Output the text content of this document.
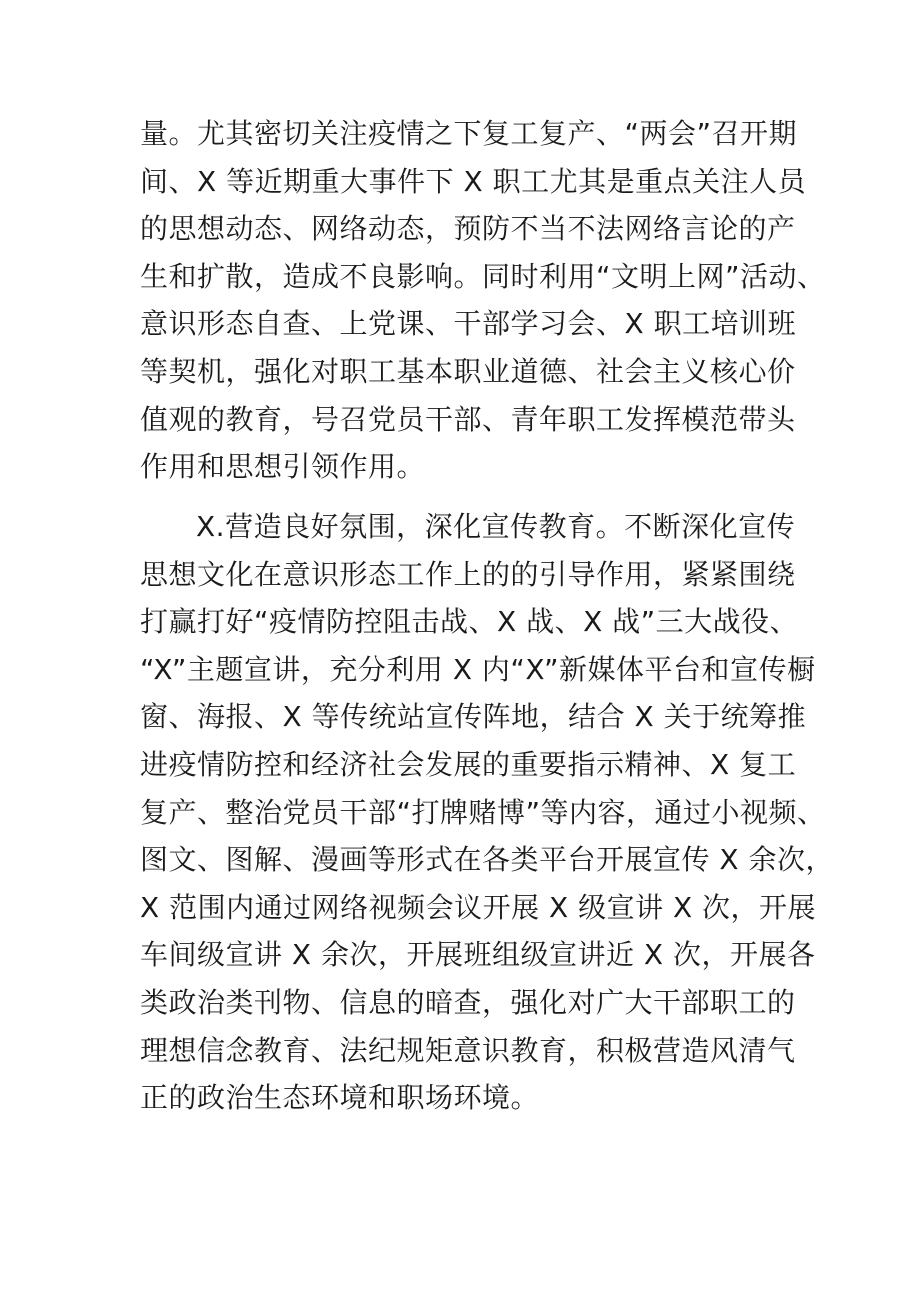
量。尤其密切关注疫情之下复工复产、“两会”召开期
间、X 等近期重大事件下 X 职工尤其是重点关注人员
的思想动态、网络动态，预防不当不法网络言论的产
生和扩散，造成不良影响。同时利用“文明上网”活动、
意识形态自查、上党课、干部学习会、X 职工培训班
等契机，强化对职工基本职业道德、社会主义核心价
值观的教育，号召党员干部、青年职工发挥模范带头
作用和思想引领作用。

X.营造良好氛围，深化宣传教育。不断深化宣传
思想文化在意识形态工作上的的引导作用，紧紧围绕
打赢打好“疫情防控阻击战、X 战、X 战”三大战役、
“X”主题宣讲，充分利用 X 内“X”新媒体平台和宣传橱
窗、海报、X 等传统站宣传阵地，结合 X 关于统筹推
进疫情防控和经济社会发展的重要指示精神、X 复工
复产、整治党员干部“打牌赌博”等内容，通过小视频、
图文、图解、漫画等形式在各类平台开展宣传 X 余次，
X 范围内通过网络视频会议开展 X 级宣讲 X 次，开展
车间级宣讲 X 余次，开展班组级宣讲近 X 次，开展各
类政治类刊物、信息的暗查，强化对广大干部职工的
理想信念教育、法纪规矩意识教育，积极营造风清气
正的政治生态环境和职场环境。
